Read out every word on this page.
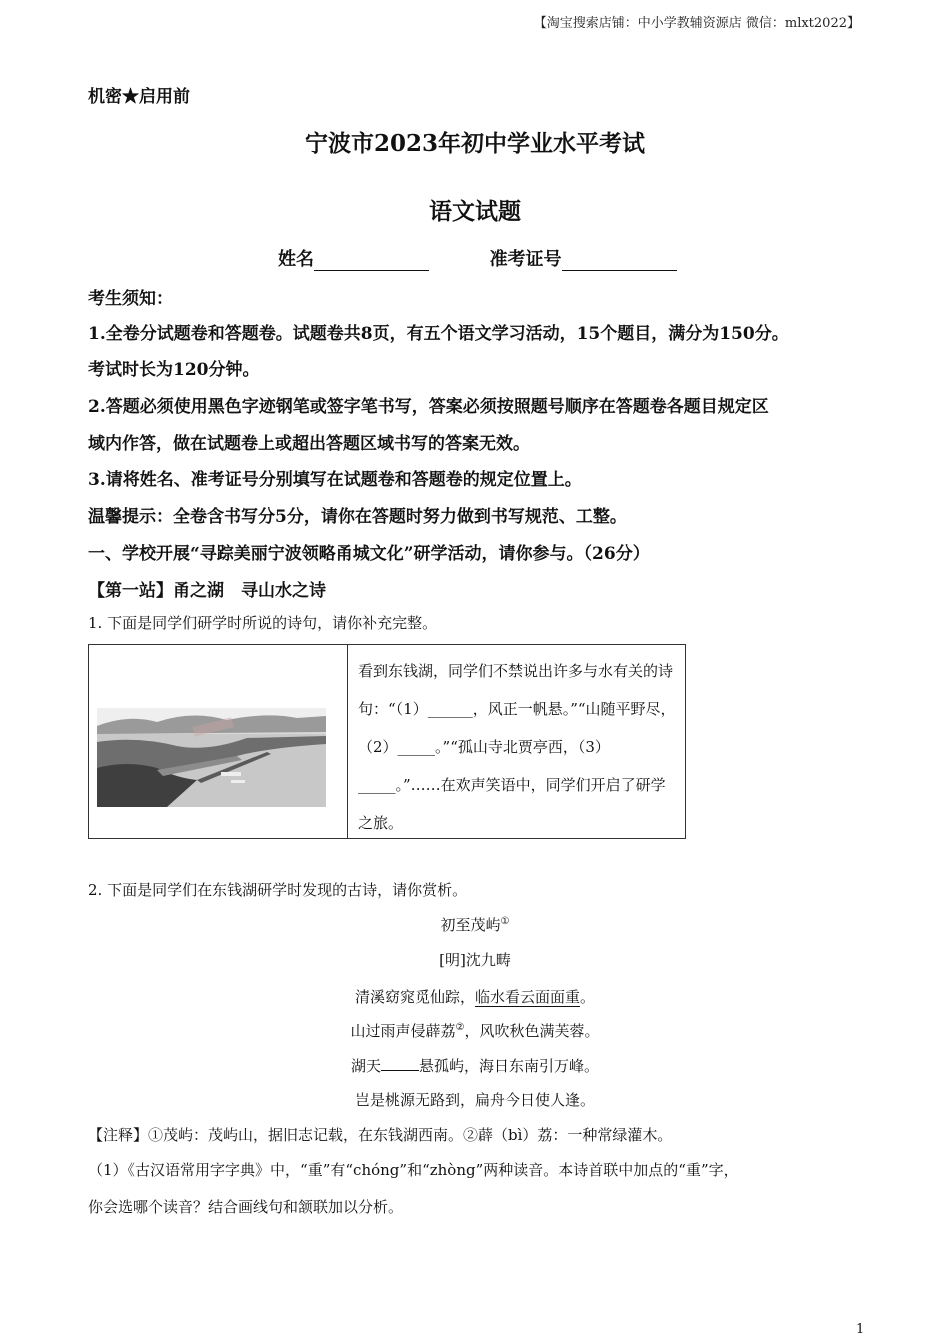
【淘宝搜索店铺：中小学教辅资源店 微信：mlxt2022】
机密★启用前
宁波市2023年初中学业水平考试
语文试题
姓名	准考证号
考生须知：
1.全卷分试题卷和答题卷。试题卷共8页，有五个语文学习活动，15个题目，满分为150分。
考试时长为120分钟。
2.答题必须使用黑色字迹钢笔或签字笔书写，答案必须按照题号顺序在答题卷各题目规定区
域内作答，做在试题卷上或超出答题区域书写的答案无效。
3.请将姓名、准考证号分别填写在试题卷和答题卷的规定位置上。
温馨提示：全卷含书写分5分，请你在答题时努力做到书写规范、工整。
一、学校开展“寻踪美丽宁波领略甬城文化”研学活动，请你参与。（26分）
【第一站】甬之湖　寻山水之诗
1. 下面是同学们研学时所说的诗句，请你补充完整。
看到东钱湖，同学们不禁说出许多与水有关的诗句：“（1）______，风正一帆悬。”“山随平野尽，（2）_____。”“孤山寺北贾亭西，（3）_____。”……在欢声笑语中，同学们开启了研学之旅。
2. 下面是同学们在东钱湖研学时发现的古诗，请你赏析。
初至茂屿①
[明]沈九畴
清溪窈窕觅仙踪，临水看云面面重。
山过雨声侵薜荔②，风吹秋色满芙蓉。
湖天	悬孤屿，海日东南引万峰。
岂是桃源无路到，扁舟今日使人逢。
【注释】①茂屿：茂屿山，据旧志记载，在东钱湖西南。②薜（bì）荔：一种常绿灌木。
（1）《古汉语常用字字典》中，“重”有“chóng”和“zhòng”两种读音。本诗首联中加点的“重”字，
你会选哪个读音？结合画线句和颔联加以分析。
1
